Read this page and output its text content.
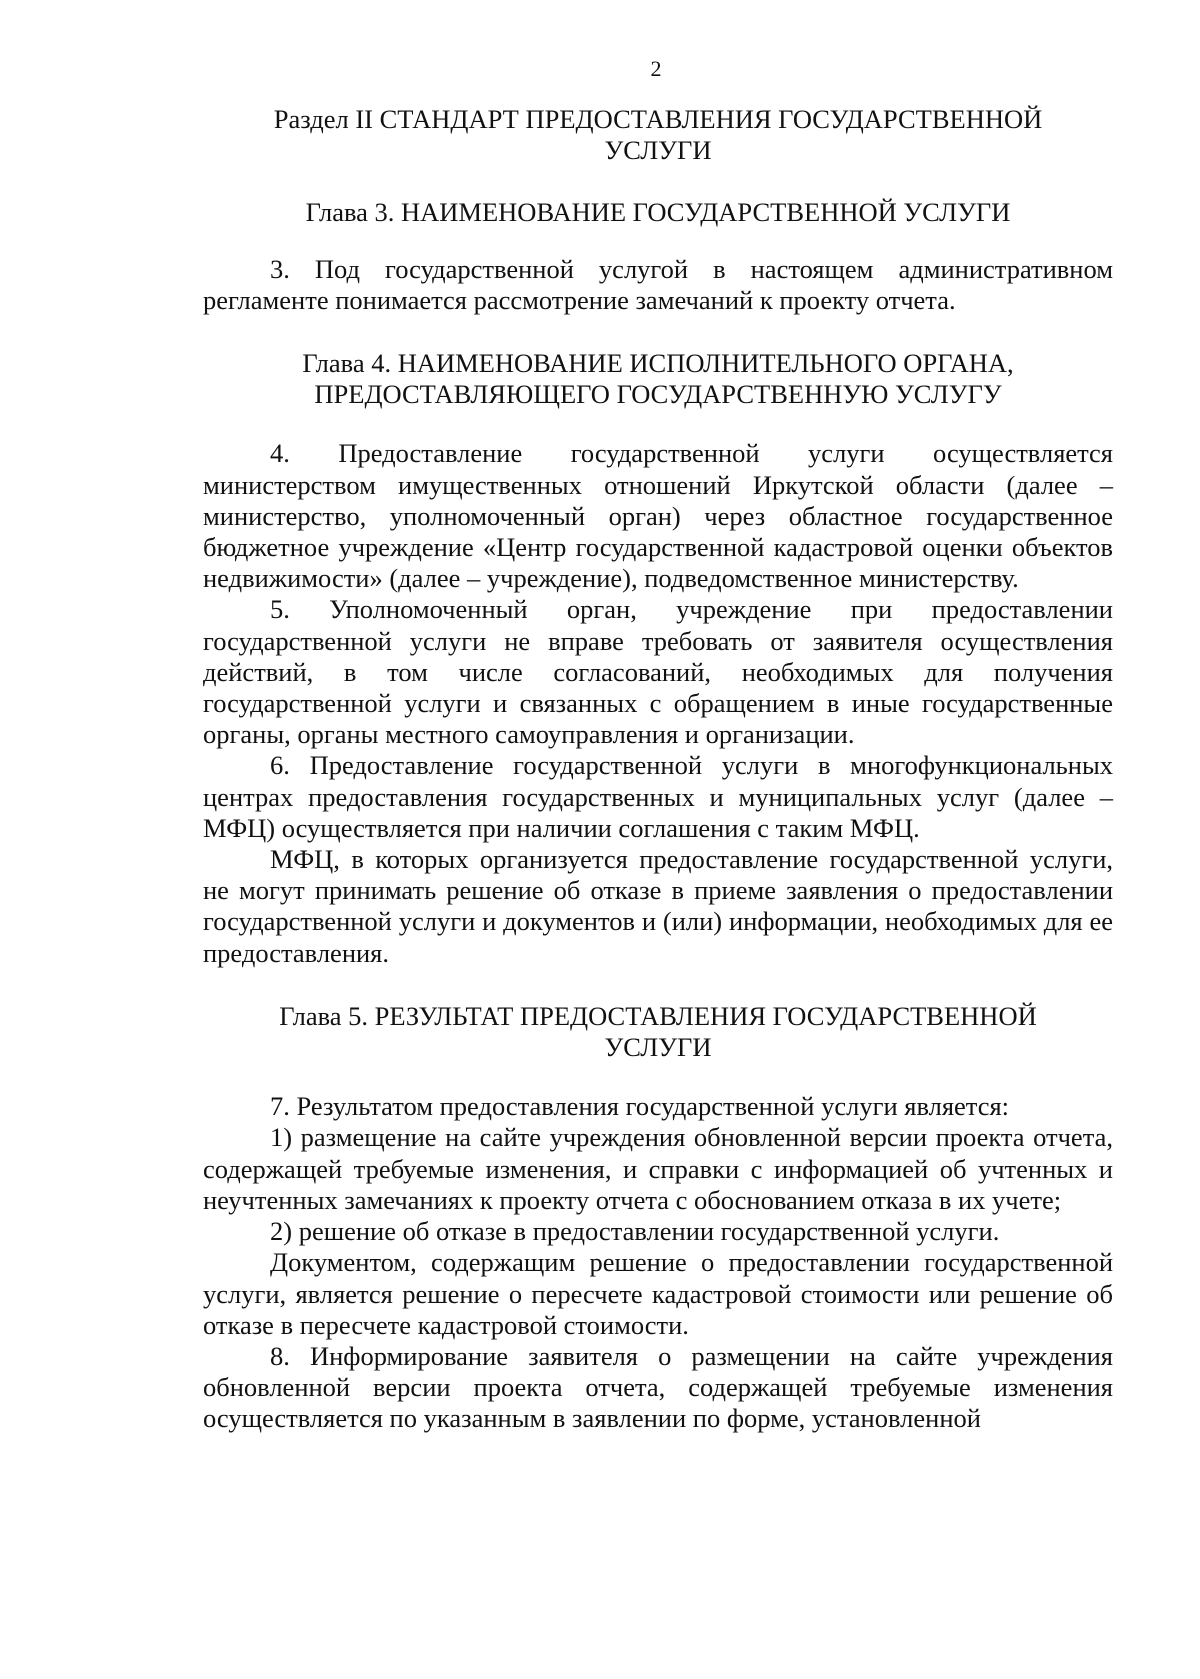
2
Раздел II СТАНДАРТ ПРЕДОСТАВЛЕНИЯ ГОСУДАРСТВЕННОЙ
УСЛУГИ
Глава 3. НАИМЕНОВАНИЕ ГОСУДАРСТВЕННОЙ УСЛУГИ

3. Под государственной услугой в настоящем административном регламенте понимается рассмотрение замечаний к проекту отчета.

Глава 4. НАИМЕНОВАНИЕ ИСПОЛНИТЕЛЬНОГО ОРГАНА,
ПРЕДОСТАВЛЯЮЩЕГО ГОСУДАРСТВЕННУЮ УСЛУГУ

4. Предоставление государственной услуги осуществляется министерством имущественных отношений Иркутской области (далее – министерство, уполномоченный орган) через областное государственное бюджетное учреждение «Центр государственной кадастровой оценки объектов недвижимости» (далее – учреждение), подведомственное министерству.

5. Уполномоченный орган, учреждение при предоставлении государственной услуги не вправе требовать от заявителя осуществления действий, в том числе согласований, необходимых для получения государственной услуги и связанных с обращением в иные государственные органы, органы местного самоуправления и организации.

6. Предоставление государственной услуги в многофункциональных центрах предоставления государственных и муниципальных услуг (далее – МФЦ) осуществляется при наличии соглашения с таким МФЦ.

МФЦ, в которых организуется предоставление государственной услуги, не могут принимать решение об отказе в приеме заявления о предоставлении государственной услуги и документов и (или) информации, необходимых для ее предоставления.

Глава 5. РЕЗУЛЬТАТ ПРЕДОСТАВЛЕНИЯ ГОСУДАРСТВЕННОЙ
УСЛУГИ

7. Результатом предоставления государственной услуги является:

1) размещение на сайте учреждения обновленной версии проекта отчета, содержащей требуемые изменения, и справки с информацией об учтенных и неучтенных замечаниях к проекту отчета с обоснованием отказа в их учете;

2) решение об отказе в предоставлении государственной услуги.

Документом, содержащим решение о предоставлении государственной услуги, является решение о пересчете кадастровой стоимости или решение об отказе в пересчете кадастровой стоимости.

8. Информирование заявителя о размещении на сайте учреждения обновленной версии проекта отчета, содержащей требуемые изменения осуществляется по указанным в заявлении по форме, установленной
